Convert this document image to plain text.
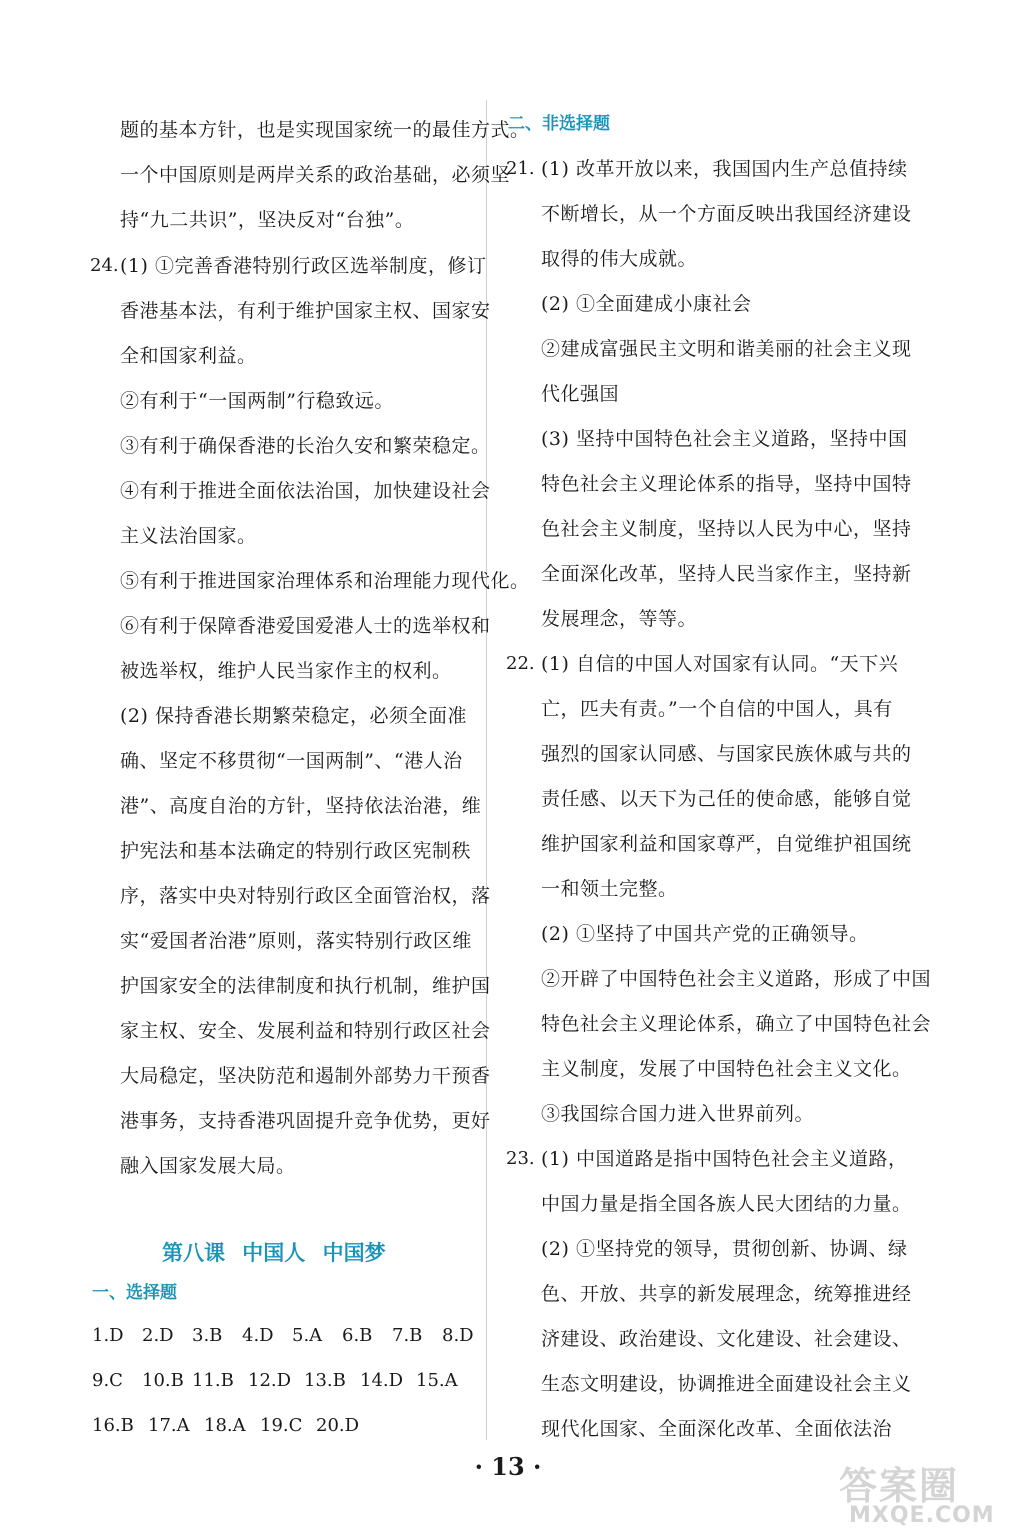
题的基本方针，也是实现国家统一的最佳方式。
一个中国原则是两岸关系的政治基础，必须坚
持“九二共识”，坚决反对“台独”。
24. (1) ①完善香港特别行政区选举制度，修订
香港基本法，有利于维护国家主权、国家安
全和国家利益。
②有利于“一国两制”行稳致远。
③有利于确保香港的长治久安和繁荣稳定。
④有利于推进全面依法治国，加快建设社会
主义法治国家。
⑤有利于推进国家治理体系和治理能力现代化。
⑥有利于保障香港爱国爱港人士的选举权和
被选举权，维护人民当家作主的权利。
(2) 保持香港长期繁荣稳定，必须全面准
确、坚定不移贯彻“一国两制”、“港人治
港”、高度自治的方针，坚持依法治港，维
护宪法和基本法确定的特别行政区宪制秩
序，落实中央对特别行政区全面管治权，落
实“爱国者治港”原则，落实特别行政区维
护国家安全的法律制度和执行机制，维护国
家主权、安全、发展利益和特别行政区社会
大局稳定，坚决防范和遏制外部势力干预香
港事务，支持香港巩固提升竞争优势，更好
融入国家发展大局。
第八课 中国人 中国梦
一、选择题
1.D 2.D 3.B 4.D 5.A 6.B 7.B 8.D
9.C 10.B 11.B 12.D 13.B 14.D 15.A
16.B 17.A 18.A 19.C 20.D
二、非选择题
21. (1) 改革开放以来，我国国内生产总值持续
不断增长，从一个方面反映出我国经济建设
取得的伟大成就。
(2) ①全面建成小康社会
②建成富强民主文明和谐美丽的社会主义现
代化强国
(3) 坚持中国特色社会主义道路，坚持中国
特色社会主义理论体系的指导，坚持中国特
色社会主义制度，坚持以人民为中心，坚持
全面深化改革，坚持人民当家作主，坚持新
发展理念，等等。
22. (1) 自信的中国人对国家有认同。“天下兴
亡，匹夫有责。”一个自信的中国人，具有
强烈的国家认同感、与国家民族休戚与共的
责任感、以天下为己任的使命感，能够自觉
维护国家利益和国家尊严，自觉维护祖国统
一和领土完整。
(2) ①坚持了中国共产党的正确领导。
②开辟了中国特色社会主义道路，形成了中国
特色社会主义理论体系，确立了中国特色社会
主义制度，发展了中国特色社会主义文化。
③我国综合国力进入世界前列。
23. (1) 中国道路是指中国特色社会主义道路，
中国力量是指全国各族人民大团结的力量。
(2) ①坚持党的领导，贯彻创新、协调、绿
色、开放、共享的新发展理念，统筹推进经
济建设、政治建设、文化建设、社会建设、
生态文明建设，协调推进全面建设社会主义
现代化国家、全面深化改革、全面依法治
· 13 ·	答案圈
MXQE.COM
